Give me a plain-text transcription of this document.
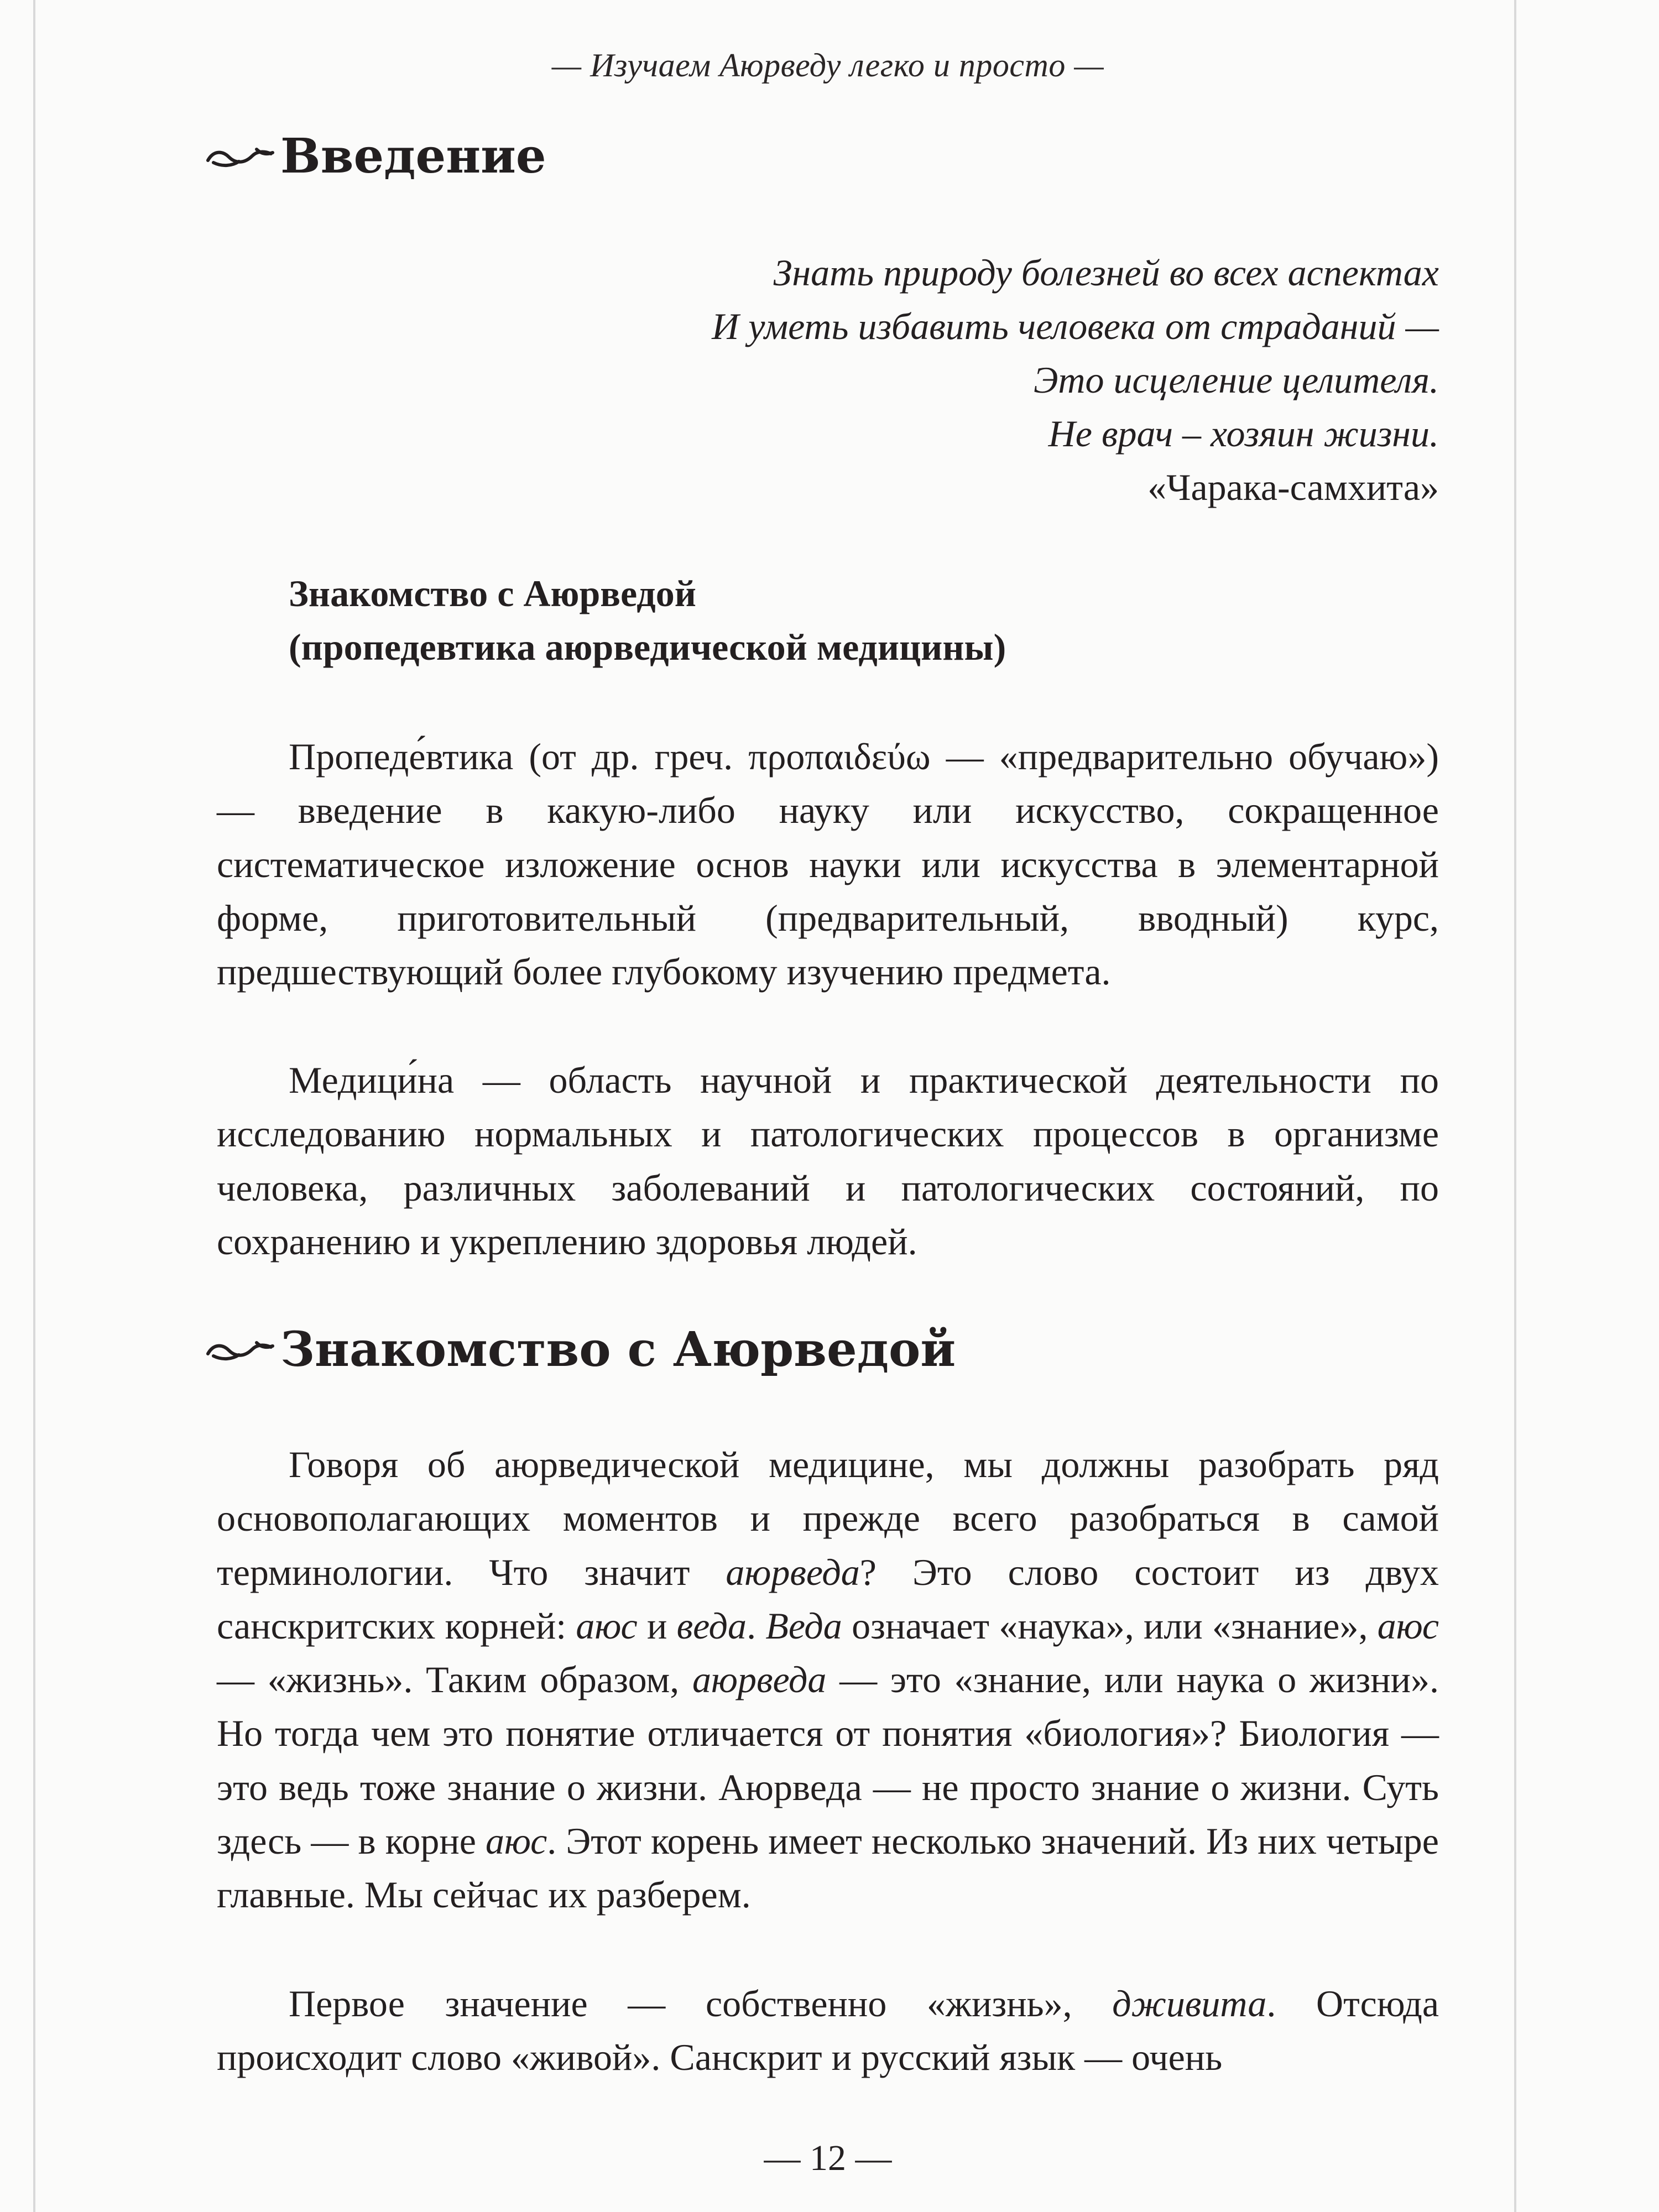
— Изучаем Аюрведу легко и просто —
Введение
Знать природу болезней во всех аспектах
И уметь избавить человека от страданий —
Это исцеление целителя.
Не врач – хозяин жизни.
«Чарака-самхита»
Знакомство с Аюрведой
(пропедевтика аюрведической медицины)

Пропеде́втика (от др. греч. προπαιδεύω — «предварительно обучаю») — введение в какую-либо науку или искусство, сокращенное систематическое изложение основ науки или искусства в элементарной форме, приготовительный (предварительный, вводный) курс, предшествующий более глубокому изучению предмета.

Медици́на — область научной и практической деятельности по исследованию нормальных и патологических процессов в организме человека, различных заболеваний и патологических состояний, по сохранению и укреплению здоровья людей.

Знакомство с Аюрведой

Говоря об аюрведической медицине, мы должны разобрать ряд основополагающих моментов и прежде всего разобраться в самой терминологии. Что значит аюрведа? Это слово состоит из двух санскритских корней: аюс и веда. Веда означает «наука», или «знание», аюс — «жизнь». Таким образом, аюрведа — это «знание, или наука о жизни». Но тогда чем это понятие отличается от понятия «биология»? Биология — это ведь тоже знание о жизни. Аюрведа — не просто знание о жизни. Суть здесь — в корне аюс. Этот корень имеет несколько значений. Из них четыре главные. Мы сейчас их разберем.

Первое значение — собственно «жизнь», дживита. Отсюда происходит слово «живой». Санскрит и русский язык — очень

— 12 —
